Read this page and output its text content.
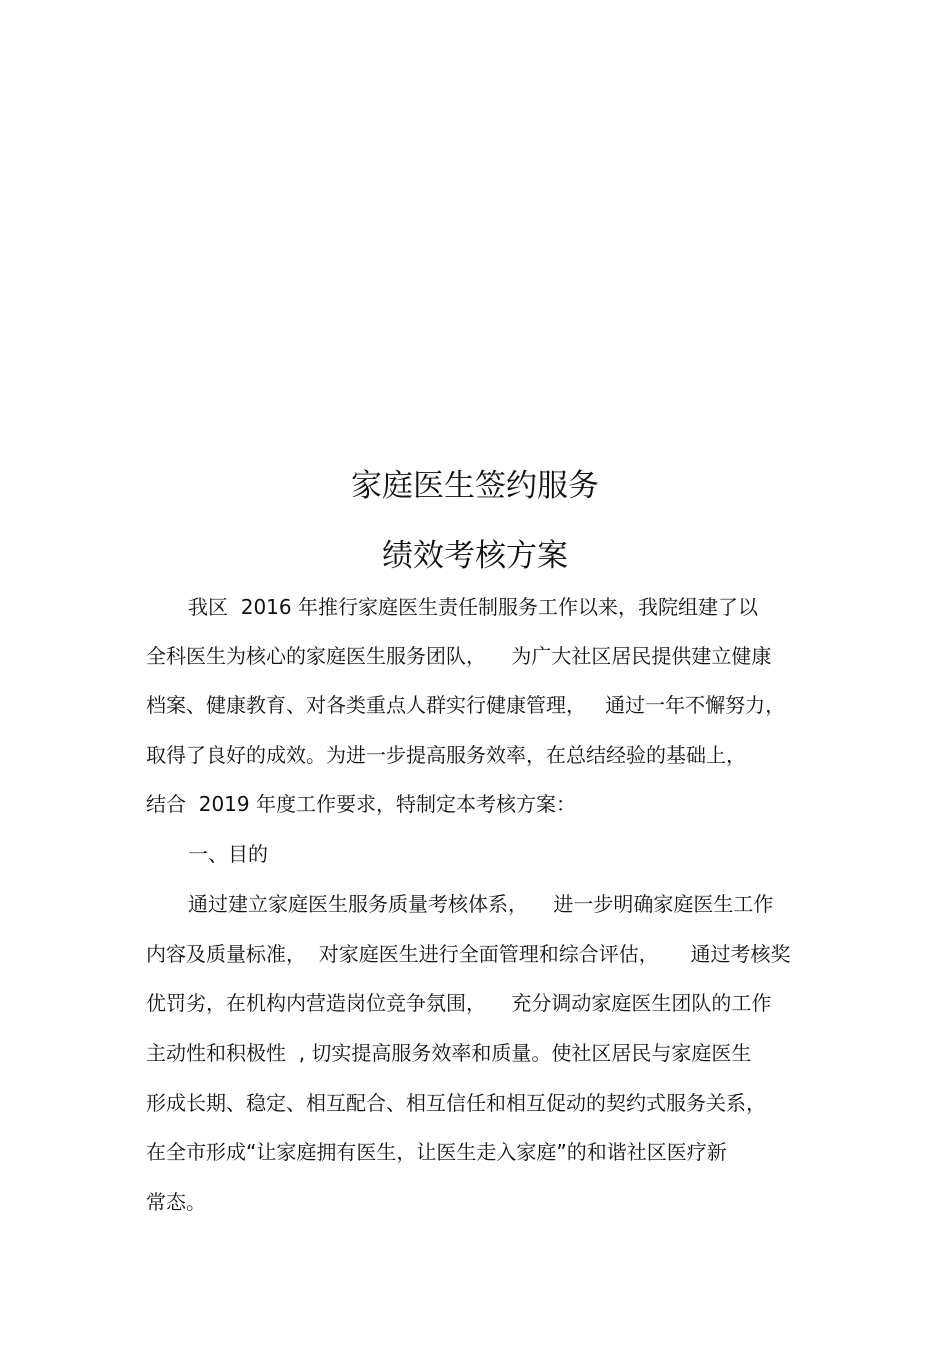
家庭医生签约服务
绩效考核方案
我区  2016 年推行家庭医生责任制服务工作以来，我院组建了以
全科医生为核心的家庭医生服务团队，    为广大社区居民提供建立健康
档案、健康教育、对各类重点人群实行健康管理，   通过一年不懈努力，
取得了良好的成效。为进一步提高服务效率，在总结经验的基础上，
结合  2019 年度工作要求，特制定本考核方案：
一、目的
通过建立家庭医生服务质量考核体系，    进一步明确家庭医生工作
内容及质量标准，  对家庭医生进行全面管理和综合评估，     通过考核奖
优罚劣，在机构内营造岗位竞争氛围，    充分调动家庭医生团队的工作
主动性和积极性  , 切实提高服务效率和质量。使社区居民与家庭医生
形成长期、稳定、相互配合、相互信任和相互促动的契约式服务关系，
在全市形成“让家庭拥有医生，让医生走入家庭”的和谐社区医疗新
常态。
